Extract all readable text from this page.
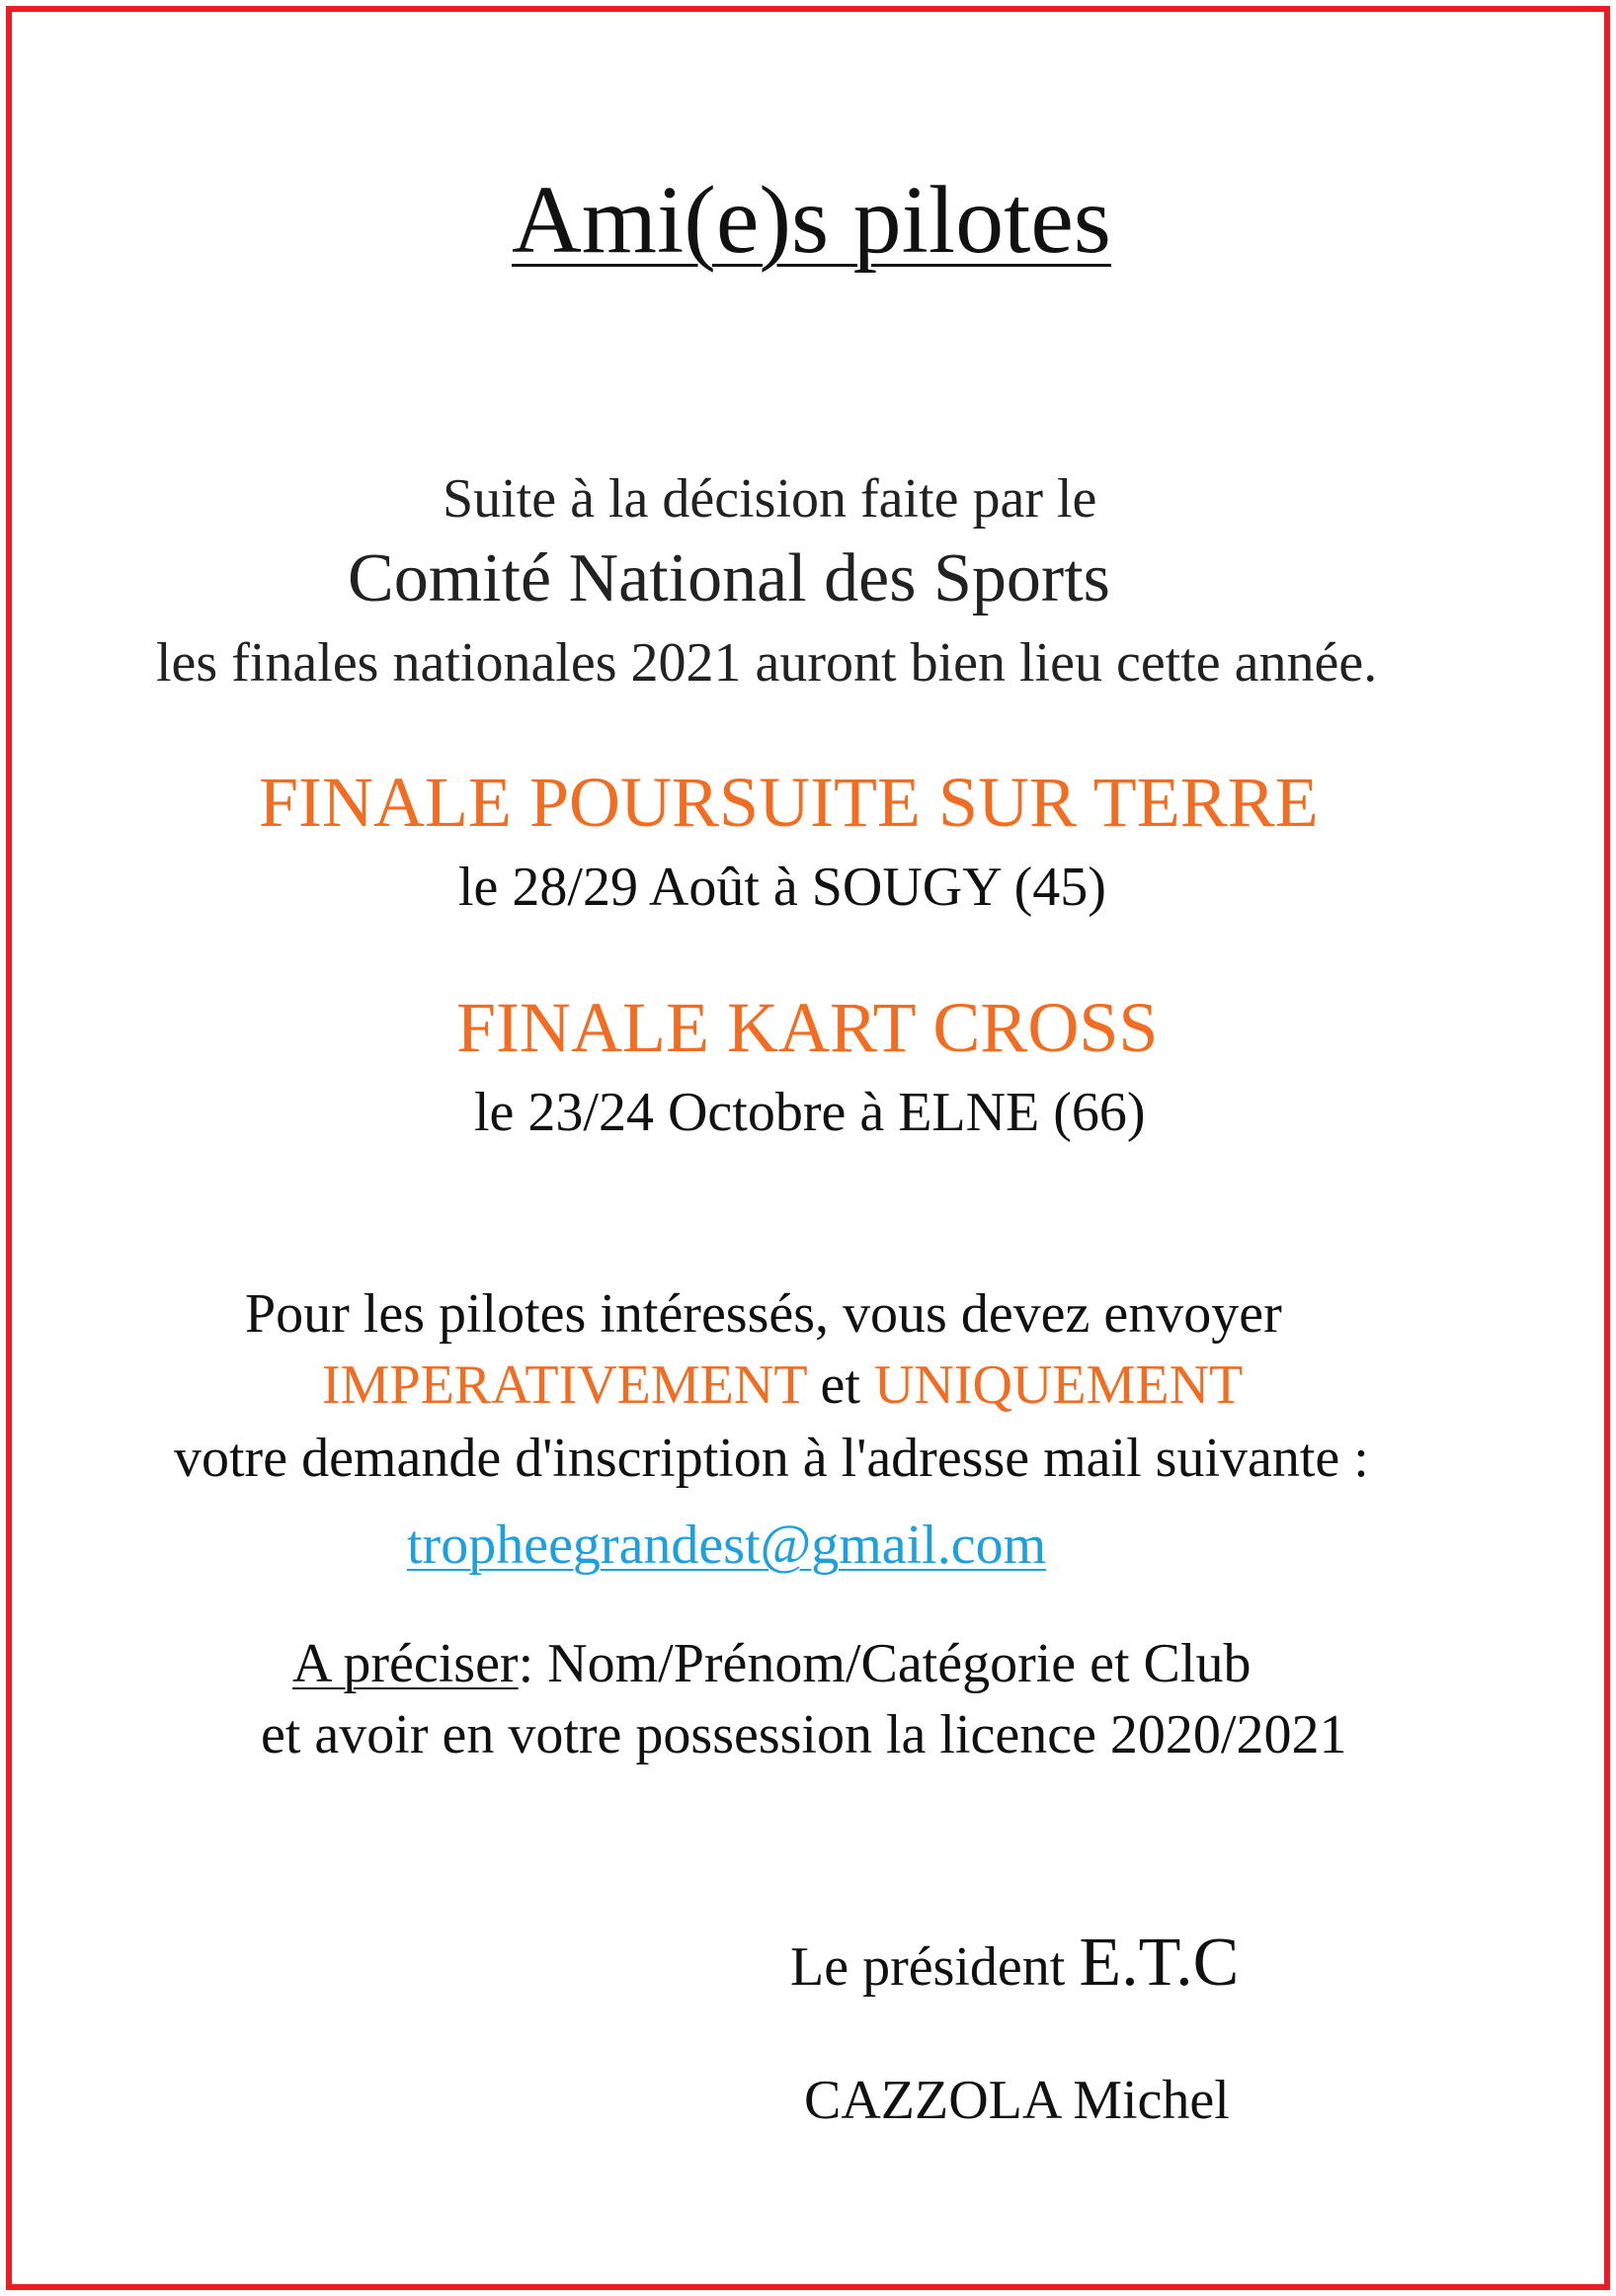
Ami(e)s pilotes
Suite à la décision faite par le
Comité National des Sports
les finales nationales 2021 auront bien lieu cette année.
FINALE POURSUITE SUR TERRE
le 28/29 Août à SOUGY (45)
FINALE KART CROSS
le 23/24 Octobre à ELNE (66)
Pour les pilotes intéressés, vous devez envoyer
IMPERATIVEMENT et UNIQUEMENT
votre demande d'inscription à l'adresse mail suivante :
tropheegrandest@gmail.com
A préciser: Nom/Prénom/Catégorie et Club
et avoir en votre possession la licence 2020/2021
Le président E.T.C
CAZZOLA Michel
